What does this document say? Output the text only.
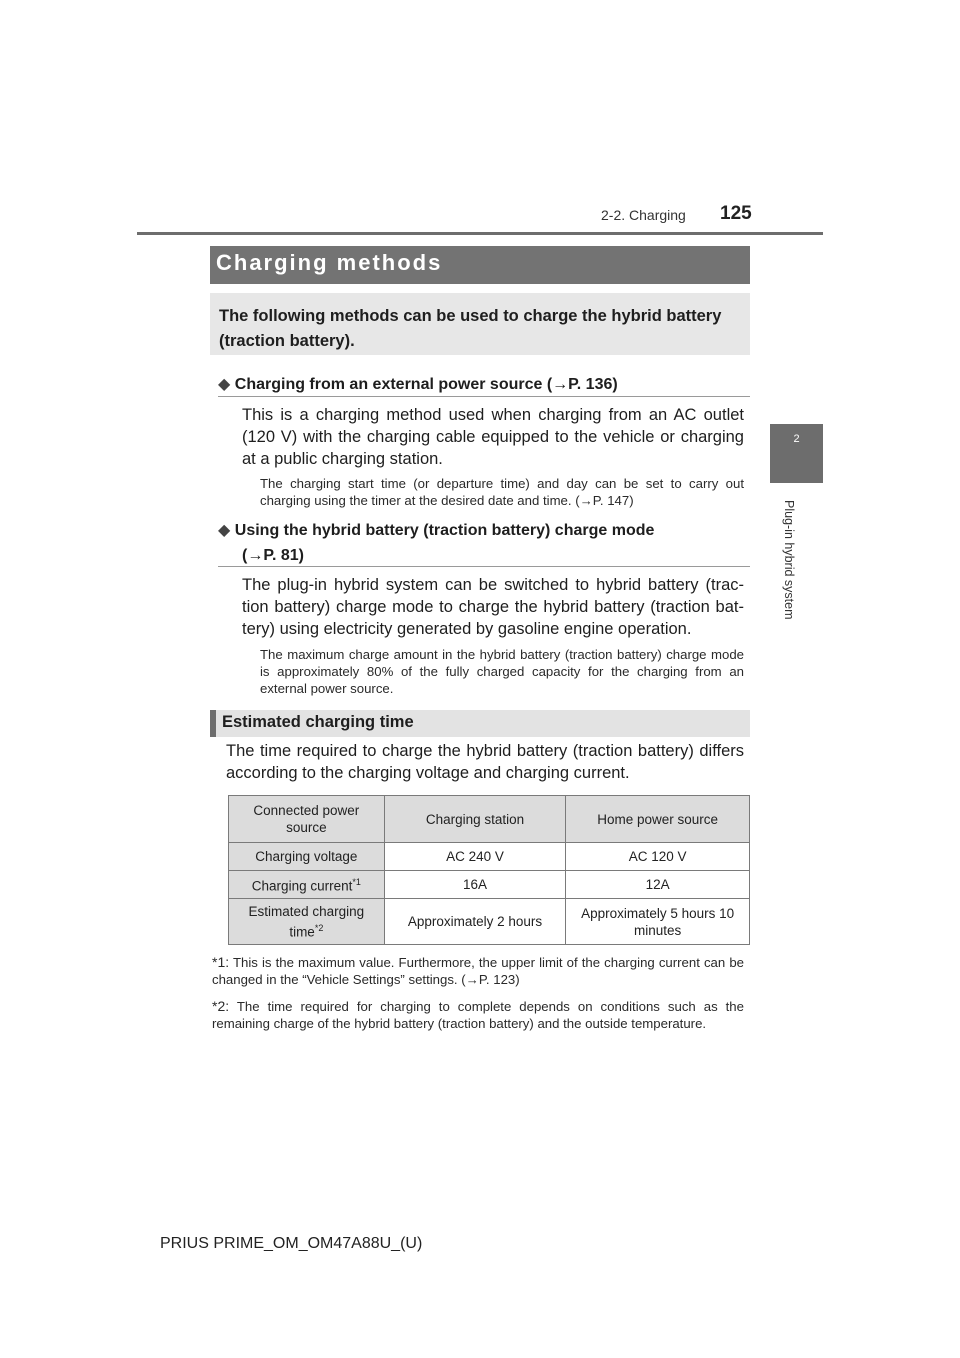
2-2. Charging 125
2
Plug-in hybrid system
Charging methods
The following methods can be used to charge the hybrid battery (traction battery).
◆ Charging from an external power source (→P. 136)
This is a charging method used when charging from an AC outlet (120 V) with the charging cable equipped to the vehicle or charging at a public charging station.
The charging start time (or departure time) and day can be set to carry out charging using the timer at the desired date and time. (→P. 147)
◆ Using the hybrid battery (traction battery) charge mode
(→P. 81)
The plug-in hybrid system can be switched to hybrid battery (trac-tion battery) charge mode to charge the hybrid battery (traction bat-tery) using electricity generated by gasoline engine operation.
The maximum charge amount in the hybrid battery (traction battery) charge mode is approximately 80% of the fully charged capacity for the charging from an external power source.
Estimated charging time
The time required to charge the hybrid battery (traction battery) differs according to the charging voltage and charging current.
Connected power source	Charging station	Home power source
Charging voltage	AC 240 V	AC 120 V
Charging current$^{*1}$	16A	12A
Estimated charging time$^{*2}$	Approximately 2 hours	Approximately 5 hours 10 minutes
*1: This is the maximum value. Furthermore, the upper limit of the charging current can be changed in the “Vehicle Settings” settings. (→P. 123)
*2: The time required for charging to complete depends on conditions such as the remaining charge of the hybrid battery (traction battery) and the outside temperature.
PRIUS PRIME_OM_OM47A88U_(U)
